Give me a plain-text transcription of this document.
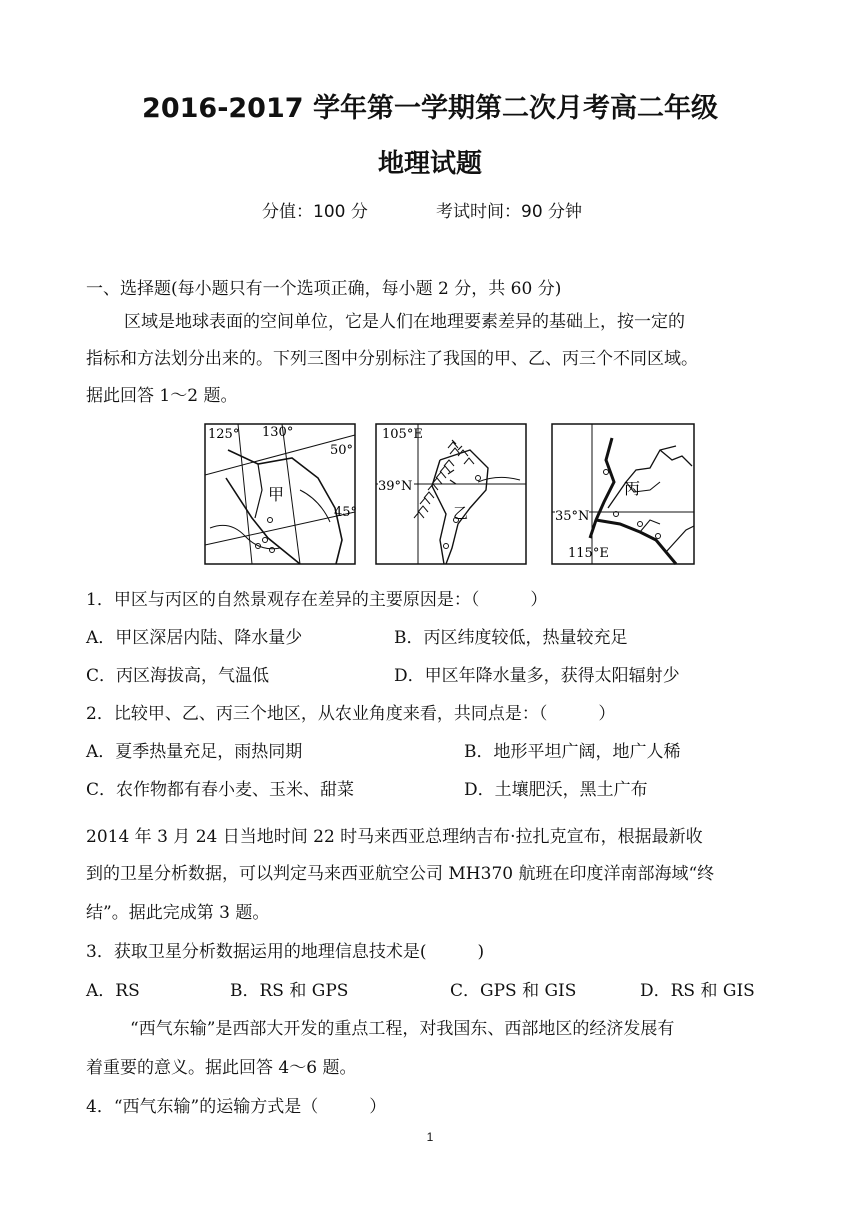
2016-2017 学年第一学期第二次月考高二年级
地理试题
分值：100 分	考试时间：90 分钟
一、选择题(每小题只有一个选项正确，每小题 2 分，共 60 分)
区域是地球表面的空间单位，它是人们在地理要素差异的基础上，按一定的
指标和方法划分出来的。下列三图中分别标注了我国的甲、乙、丙三个不同区域。
据此回答 1～2 题。
125° 130°
50°
45°
甲
105°E
39°N
乙	35°N
115°E
丙
1．甲区与丙区的自然景观存在差异的主要原因是：（　　　）
A．甲区深居内陆、降水量少	B．丙区纬度较低，热量较充足
C．丙区海拔高，气温低	D．甲区年降水量多，获得太阳辐射少
2．比较甲、乙、丙三个地区，从农业角度来看，共同点是：（　　　）
A．夏季热量充足，雨热同期	B．地形平坦广阔，地广人稀
C．农作物都有春小麦、玉米、甜菜	D．土壤肥沃，黑土广布
2014 年 3 月 24 日当地时间 22 时马来西亚总理纳吉布·拉扎克宣布，根据最新收
到的卫星分析数据，可以判定马来西亚航空公司 MH370 航班在印度洋南部海域“终
结”。据此完成第 3 题。
3．获取卫星分析数据运用的地理信息技术是(　　　)
A．RS	B．RS 和 GPS	C．GPS 和 GIS	D．RS 和 GIS
“西气东输”是西部大开发的重点工程，对我国东、西部地区的经济发展有
着重要的意义。据此回答 4～6 题。
4．“西气东输”的运输方式是（　　　）
1
